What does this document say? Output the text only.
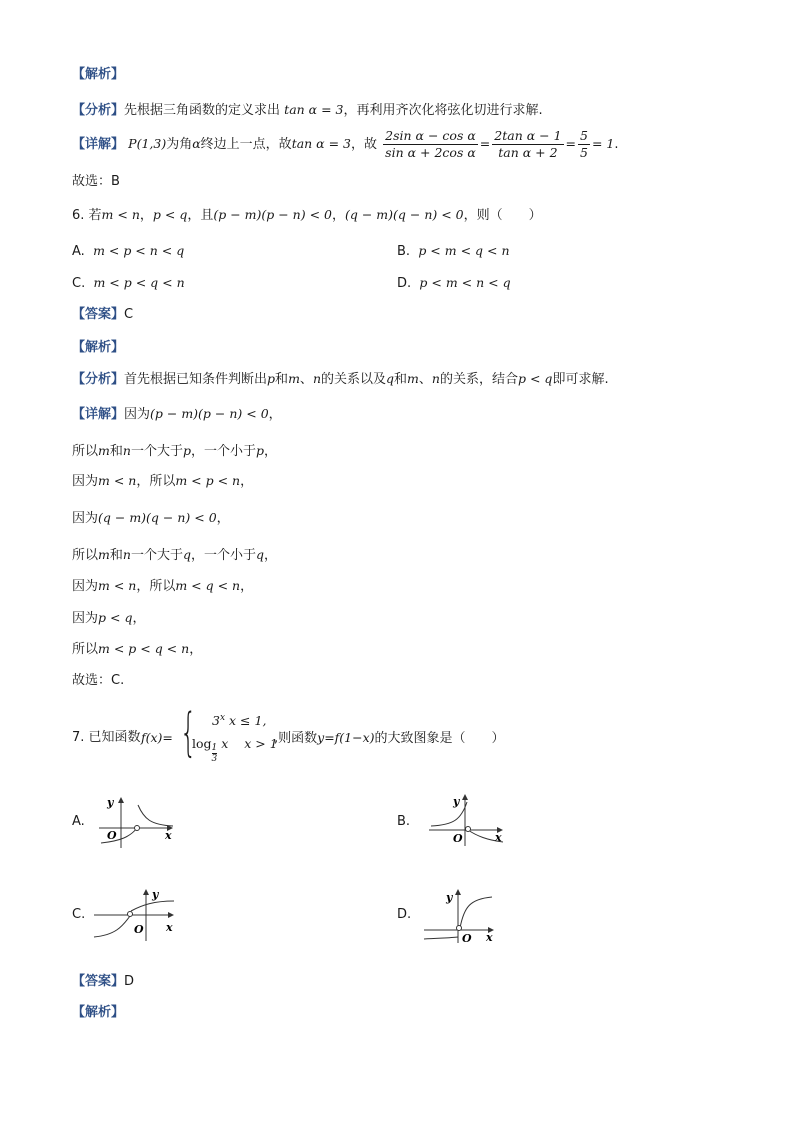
【解析】
【分析】先根据三角函数的定义求出 tan α = 3，再利用齐次化将弦化切进行求解.
【详解】 P(1,3)为角α终边上一点，故tan α = 3，故 $\frac{\text{2sin α − cos α}}{\text{sin α + 2cos α}} = \frac{\text{2tan α − 1}}{\text{tan α + 2}} = \frac{5}{5} = 1$.
故选：B
6. 若m < n，p < q，且(p − m)(p − n) < 0，(q − m)(q − n) < 0，则（　　）
A. m < p < n < q	B. p < m < q < n
C. m < p < q < n	D. p < m < n < q
【答案】C
【解析】
【分析】首先根据已知条件判断出p和m、n的关系以及q和m、n的关系，结合p < q即可求解.
【详解】因为(p − m)(p − n) < 0，
所以m和n一个大于p，一个小于p，
因为m < n，所以m < p < n，
因为(q − m)(q − n) < 0，
所以m和n一个大于q，一个小于q，
因为m < n，所以m < q < n，
因为p < q，
所以m < p < q < n，
故选：C.
7. 已知函数 f(x)= { 3$^x$ x ≤ 1,
$\log \frac{1}{3}$ x x > 1
,则函数y=f(1−x)的大致图象是（　　）
A.
y
O	x
B.
y
O	x
C.
y
O x
D.
y
O x
【答案】D
【解析】
